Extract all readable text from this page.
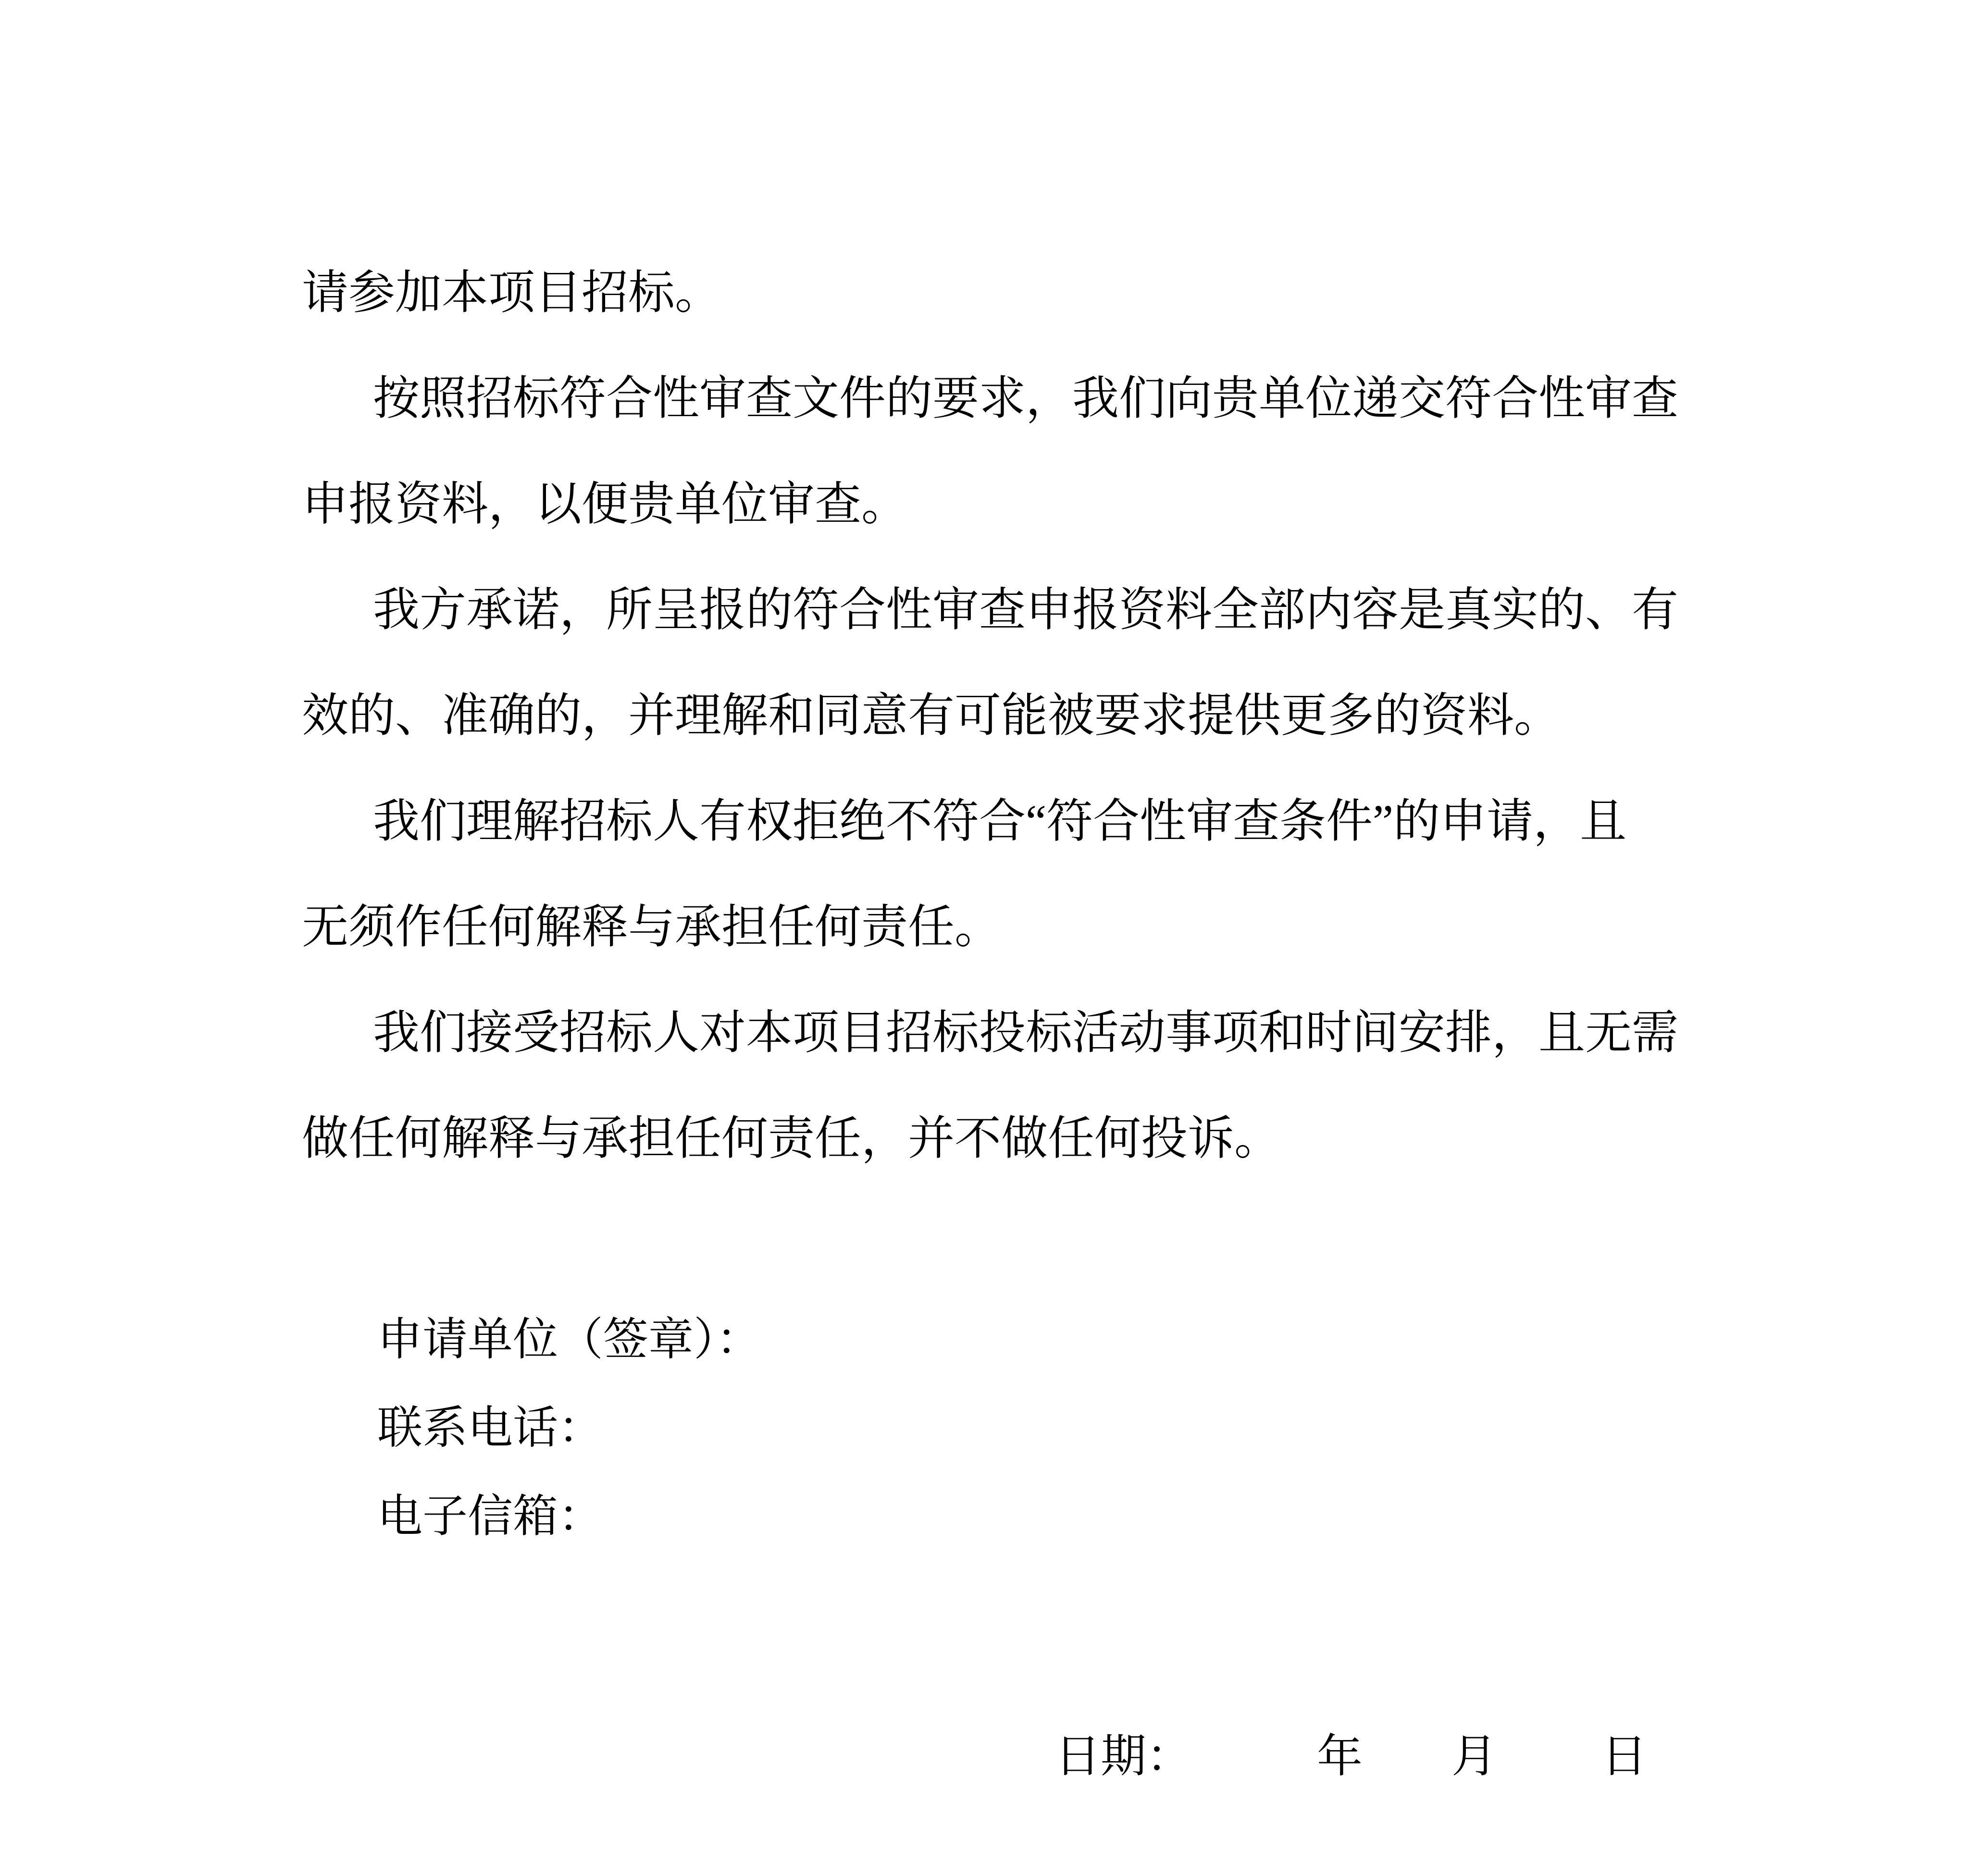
请参加本项目招标。
按照招标符合性审查文件的要求，我们向贵单位递交符合性审查
申报资料，以便贵单位审查。
我方承诺，所呈报的符合性审查申报资料全部内容是真实的、有
效的、准确的，并理解和同意有可能被要求提供更多的资料。
我们理解招标人有权拒绝不符合“符合性审查条件”的申请，且
无须作任何解释与承担任何责任。
我们接受招标人对本项目招标投标活动事项和时间安排，且无需
做任何解释与承担任何责任，并不做任何投诉。
申请单位（签章）：
联系电话：
电子信箱：
日期：	年 月 日
